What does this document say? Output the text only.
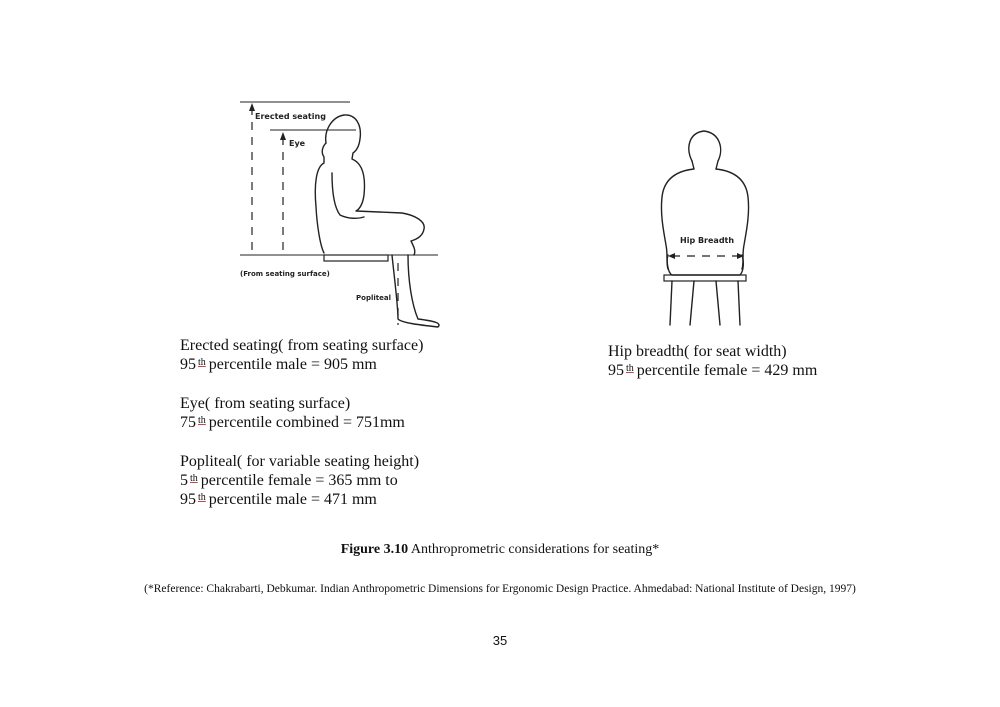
Erected seating
Eye
(From seating surface)
Popliteal
Hip Breadth

Erected seating( from seating surface)

95 $^{th}$ percentile male = 905 mm

Eye( from seating surface)

75 $^{th}$ percentile combined = 751mm

Popliteal( for variable seating height)

5 $^{th}$ percentile female = 365 mm to

95 $^{th}$ percentile male = 471 mm

Hip breadth( for seat width)

95 $^{th}$ percentile female = 429 mm

Figure 3.10 Anthroprometric considerations for seating*
(*Reference: Chakrabarti, Debkumar. Indian Anthropometric Dimensions for Ergonomic Design Practice. Ahmedabad: National Institute of Design, 1997)
35
